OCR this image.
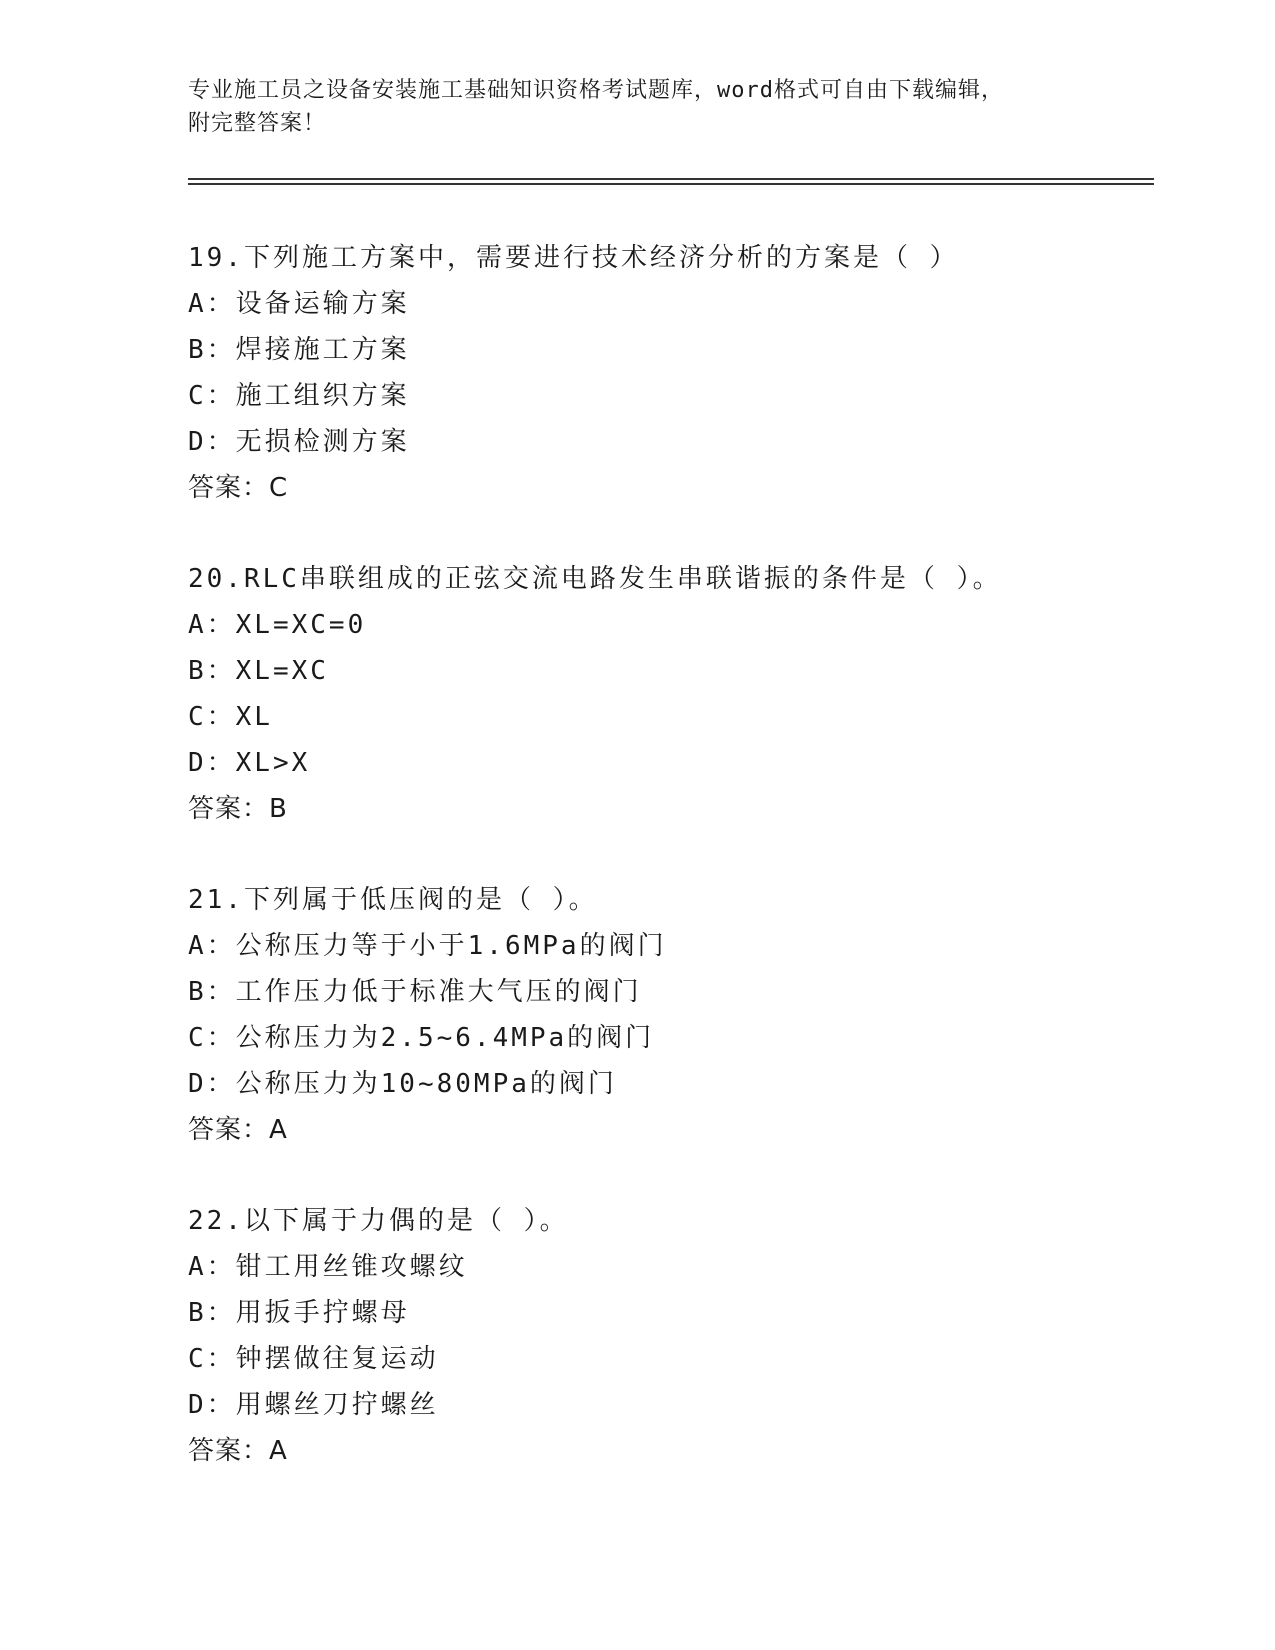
专业施工员之设备安装施工基础知识资格考试题库，word格式可自由下载编辑，
附完整答案！
19.下列施工方案中，需要进行技术经济分析的方案是（ ）
A：设备运输方案
B：焊接施工方案
C：施工组织方案
D：无损检测方案
答案：C
20.RLC串联组成的正弦交流电路发生串联谐振的条件是（ ）。
A：XL=XC=0
B：XL=XC
C：XL
D：XL>X
答案：B
21.下列属于低压阀的是（ ）。
A：公称压力等于小于1.6MPa的阀门
B：工作压力低于标准大气压的阀门
C：公称压力为2.5~6.4MPa的阀门
D：公称压力为10~80MPa的阀门
答案：A
22.以下属于力偶的是（ ）。
A：钳工用丝锥攻螺纹
B：用扳手拧螺母
C：钟摆做往复运动
D：用螺丝刀拧螺丝
答案：A
